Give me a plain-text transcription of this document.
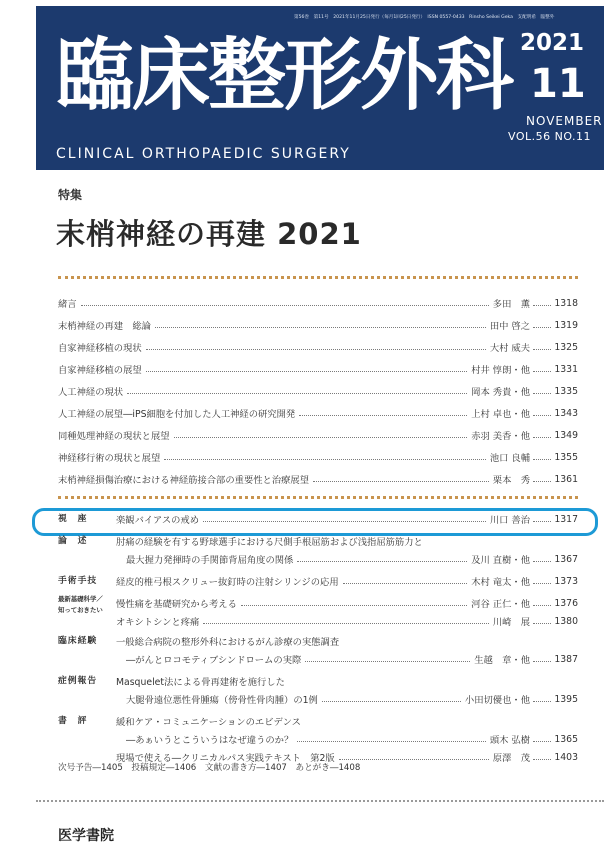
第56巻　第11号　2021年11月25日発行（毎月1回25日発行）　ISSN 0557-0433　Rinsho Seikei Geka　支配明希　臨整外
臨床整形外科 2021
11
NOVEMBER
VOL.56 NO.11
CLINICAL ORTHOPAEDIC SURGERY
特集
末梢神経の再建 2021
緒言	多田　薫	1318
末梢神経の再建　総論	田中 啓之	1319
自家神経移植の現状	大村 威夫	1325
自家神経移植の展望	村井 惇朗・他	1331
人工神経の現状	岡本 秀貴・他	1335
人工神経の展望―iPS細胞を付加した人工神経の研究開発	上村 卓也・他	1343
同種処理神経の現状と展望	赤羽 美香・他	1349
神経移行術の現状と展望	池口 良輔	1355
末梢神経損傷治療における神経筋接合部の重要性と治療展望	栗本　秀	1361
視　座	楽観バイアスの戒め	川口 善治	1317
論　述	肘痛の経験を有する野球選手における尺側手根屈筋および浅指屈筋筋力と
最大握力発揮時の手関節背屈角度の関係	及川 直樹・他	1367
手術手技	経皮的椎弓根スクリュー抜釘時の注射シリンジの応用	木村 竜太・他	1373
最新基礎科学／
知っておきたい	慢性痛を基礎研究から考える	河谷 正仁・他	1376
オキシトシンと疼痛	川崎　展	1380
臨床経験	一般総合病院の整形外科におけるがん診療の実態調査
―がんとロコモティブシンドロームの実際	生越　章・他	1387
症例報告	Masquelet法による骨再建術を施行した
大腿骨遠位悪性骨腫瘍（傍骨性骨肉腫）の1例	小田切優也・他	1395
書　評	緩和ケア・コミュニケーションのエビデンス
―あぁいうとこういうはなぜ違うのか？	頭木 弘樹	1365
現場で使える―クリニカルパス実践テキスト　第2版	原澤　茂	1403
次号予告―1405　投稿規定―1406　文献の書き方―1407　あとがき―1408
医学書院
